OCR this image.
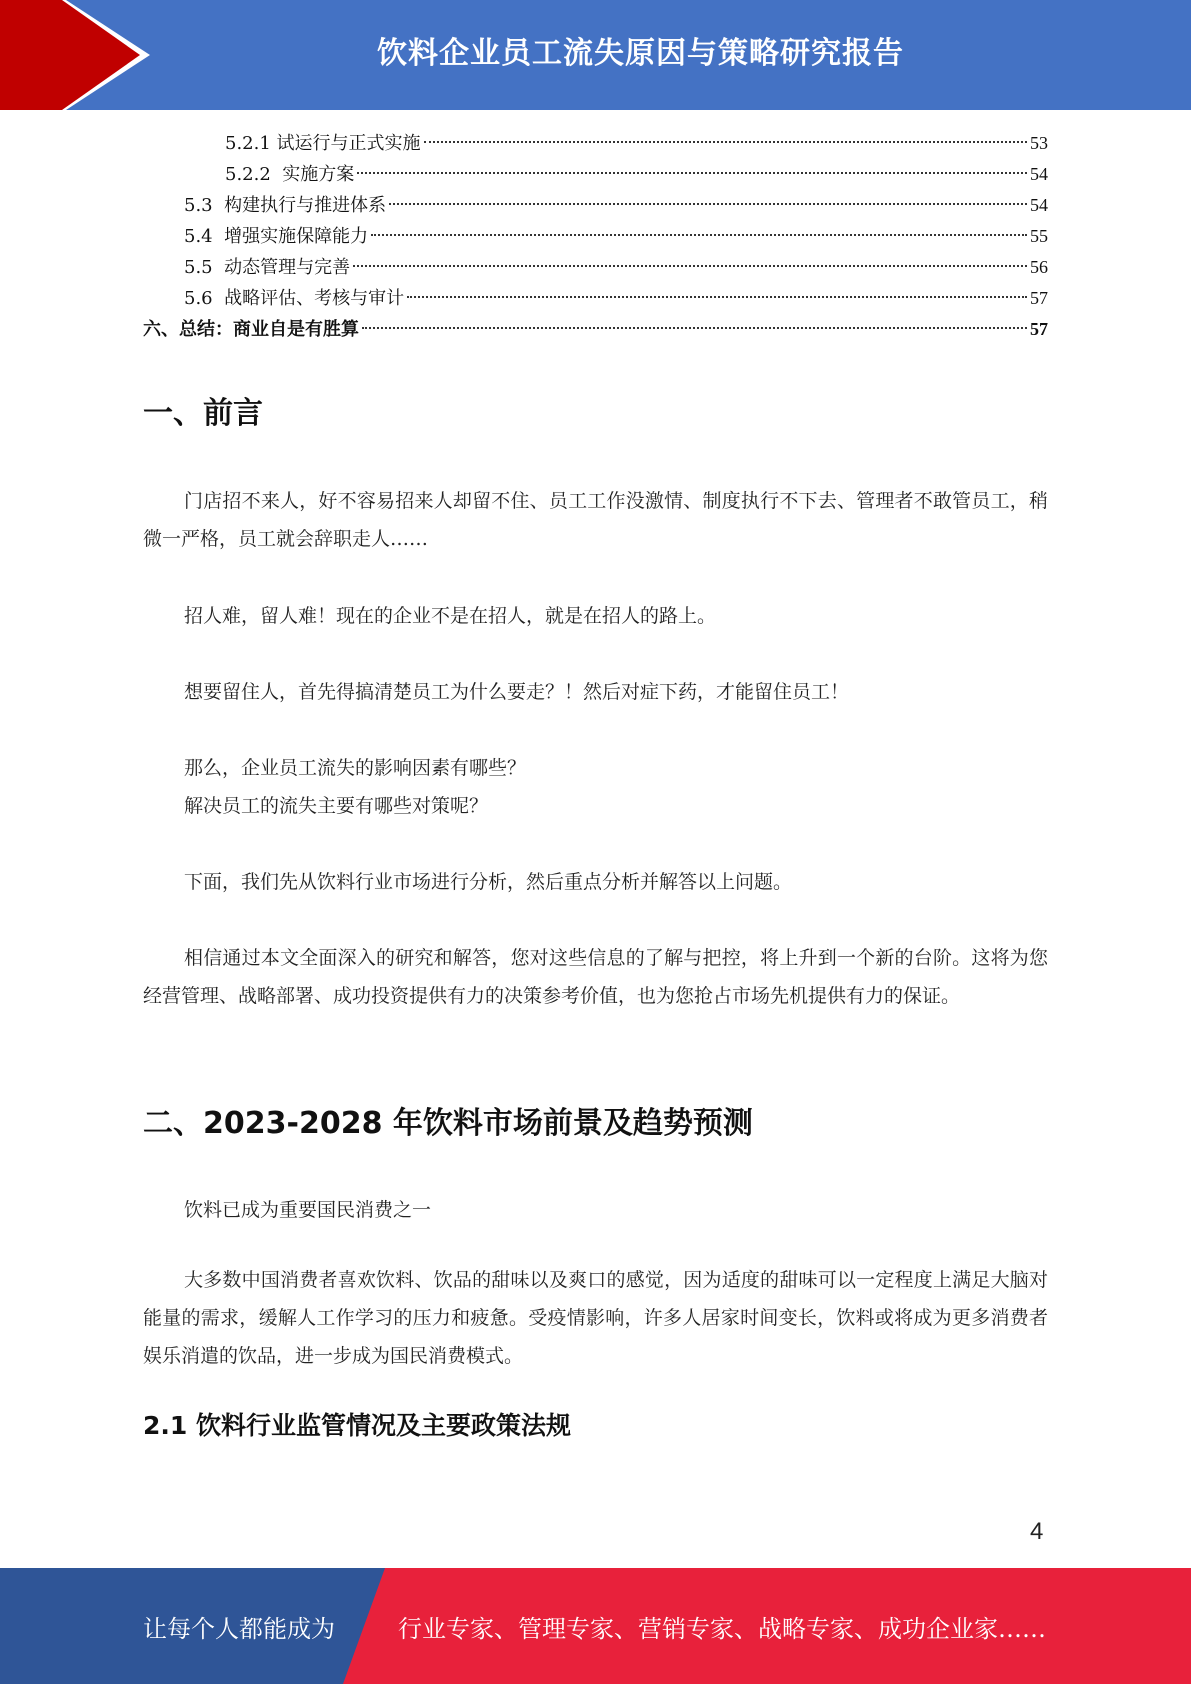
饮料企业员工流失原因与策略研究报告
5.2.1 试运行与正式实施	53
5.2.2  实施方案	54
5.3  构建执行与推进体系	54
5.4  增强实施保障能力	55
5.5  动态管理与完善	56
5.6  战略评估、考核与审计	57
六、总结：商业自是有胜算	57
一、前言

门店招不来人，好不容易招来人却留不住、员工工作没激情、制度执行不下去、管理者不敢管员工，稍微一严格，员工就会辞职走人……

招人难，留人难！现在的企业不是在招人，就是在招人的路上。

想要留住人，首先得搞清楚员工为什么要走？！然后对症下药，才能留住员工！

那么，企业员工流失的影响因素有哪些？

解决员工的流失主要有哪些对策呢？

下面，我们先从饮料行业市场进行分析，然后重点分析并解答以上问题。

相信通过本文全面深入的研究和解答，您对这些信息的了解与把控，将上升到一个新的台阶。这将为您经营管理、战略部署、成功投资提供有力的决策参考价值，也为您抢占市场先机提供有力的保证。

二、2023-2028 年饮料市场前景及趋势预测

饮料已成为重要国民消费之一

大多数中国消费者喜欢饮料、饮品的甜味以及爽口的感觉，因为适度的甜味可以一定程度上满足大脑对能量的需求，缓解人工作学习的压力和疲惫。受疫情影响，许多人居家时间变长，饮料或将成为更多消费者娱乐消遣的饮品，进一步成为国民消费模式。

2.1 饮料行业监管情况及主要政策法规
4
让每个人都能成为	行业专家、管理专家、营销专家、战略专家、成功企业家……
